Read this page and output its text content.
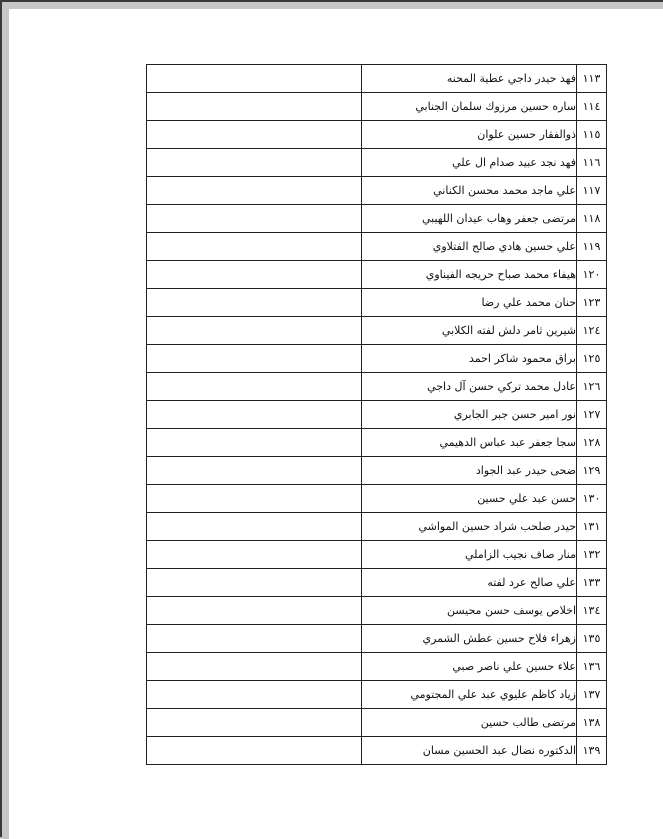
١١٣	فهد حيدر داجي عطية المحنه	
١١٤	ساره حسين مرزوك سلمان الجنابي	
١١٥	ذوالفقار حسين علوان	
١١٦	فهد نجد عبيد صدام ال علي	
١١٧	علي ماجد محمد محسن الكناني	
١١٨	مرتضى جعفر وهاب عيدان اللهيبي	
١١٩	علي حسين هادي صالح الفتلاوي	
١٢٠	هيفاء محمد صباح حريجه الفيناوي	
١٢٣	حنان محمد علي رضا	
١٢٤	شيرين ثامر دلش لفته الكلابي	
١٢٥	براق محمود شاكر احمد	
١٢٦	عادل محمد تركي حسن آل داجي	
١٢٧	نور امير حسن جبر الجابري	
١٢٨	سجا جعفر عبد عباس الدهيمي	
١٢٩	ضحى حيدر عبد الجواد	
١٣٠	حسن عبد علي حسين	
١٣١	حيدر صلحب شراد حسين المواشي	
١٣٢	منار صاف نجيب الزاملي	
١٣٣	علي صالح عرد لفته	
١٣٤	اخلاص يوسف حسن محيسن	
١٣٥	زهراء فلاح حسين عطش الشمري	
١٣٦	علاء حسين علي ناصر صبي	
١٣٧	زياد كاظم عليوي عبد علي المجتومي	
١٣٨	مرتضى طالب حسين	
١٣٩	الدكتوره نضال عبد الحسين مسان	
